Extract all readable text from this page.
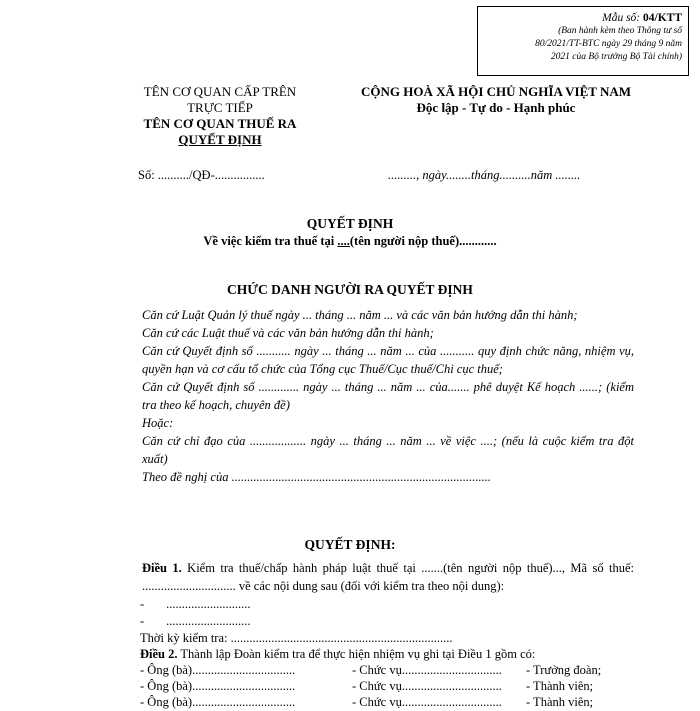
Mẫu số: 04/KTT
(Ban hành kèm theo Thông tư số
80/2021/TT-BTC ngày 29 tháng 9 năm
2021 của Bộ trưởng Bộ Tài chính)
TÊN CƠ QUAN CẤP TRÊN
TRỰC TIẾP
TÊN CƠ QUAN THUẾ RA
QUYẾT ĐỊNH
CỘNG HOÀ XÃ HỘI CHỦ NGHĨA VIỆT NAM
Độc lập - Tự do - Hạnh phúc
Số: ........../QĐ-................	........., ngày........tháng..........năm ........
QUYẾT ĐỊNH
Về việc kiểm tra thuế tại ....(tên người nộp thuế)............
CHỨC DANH NGƯỜI RA QUYẾT ĐỊNH
Căn cứ Luật Quản lý thuế ngày ... tháng ... năm ... và các văn bản hướng dẫn thi hành;
Căn cứ các Luật thuế và các văn bản hướng dẫn thi hành;
Căn cứ Quyết định số ........... ngày ... tháng ... năm ... của ........... quy định chức năng, nhiệm vụ, quyền hạn và cơ cấu tổ chức của Tổng cục Thuế/Cục thuế/Chi cục thuế;
Căn cứ Quyết định số ............. ngày ... tháng ... năm ... của....... phê duyệt Kế hoạch ......; (kiểm tra theo kế hoạch, chuyên đề)
Hoặc:
Căn cứ chỉ đạo của .................. ngày ... tháng ... năm ... về việc ....; (nếu là cuộc kiểm tra đột xuất)
Theo đề nghị của ...................................................................................
QUYẾT ĐỊNH:
Điều 1. Kiểm tra thuế/chấp hành pháp luật thuế tại .......(tên người nộp thuế)..., Mã số thuế: .............................. về các nội dung sau (đối với kiểm tra theo nội dung):
- ...........................
- ...........................
Thời kỳ kiểm tra: .......................................................................
Điều 2. Thành lập Đoàn kiểm tra để thực hiện nhiệm vụ ghi tại Điều 1 gồm có:
- Ông (bà).................................	- Chức vụ................................ - Trưởng đoàn;
- Ông (bà).................................	- Chức vụ................................ - Thành viên;
- Ông (bà).................................	- Chức vụ................................ - Thành viên;
